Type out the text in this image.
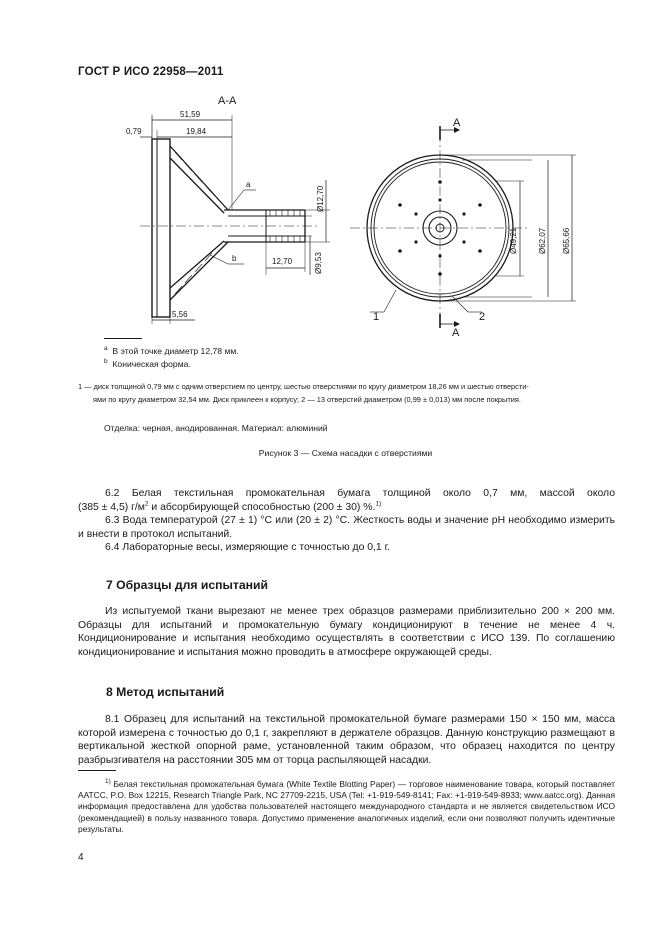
ГОСТ Р ИСО 22958—2011
А-А
51,59
19,84
0,79
Ø12,70
12,70	Ø9,53
5,56
Ø49,21	Ø62,07 Ø65,66
a
b
1	2
А
А
$^a$ В этой точке диаметр 12,78 мм.
$^b$ Коническая форма.
1 — диск толщиной 0,79 мм с одним отверстием по центру, шестью отверстиями по кругу диаметром 18,26 мм и шестью отверсти-
ями по кругу диаметром 32,54 мм. Диск приклеен к корпусу; 2 — 13 отверстий диаметром (0,99 ± 0,013) мм после покрытия.
Отделка: черная, анодированная. Материал: алюминий
Рисунок 3 — Схема насадки с отверстиями
6.2 Белая текстильная промокательная бумага толщиной около 0,7 мм, массой около
(385 ± 4,5) $г/м^2$ и абсорбирующей способностью (200 ± 30) %.$^{1)}$
6.3 Вода температурой (27 ± 1) °С или (20 ± 2) °С. Жесткость воды и значение pH необходимо измерить и внести в протокол испытаний.
6.4 Лабораторные весы, измеряющие с точностью до 0,1 г.
7 Образцы для испытаний
Из испытуемой ткани вырезают не менее трех образцов размерами приблизительно 200 × 200 мм. Образцы для испытаний и промокательную бумагу кондиционируют в течение не менее 4 ч. Кондиционирование и испытания необходимо осуществлять в соответствии с ИСО 139. По соглашению кондиционирование и испытания можно проводить в атмосфере окружающей среды.
8 Метод испытаний
8.1 Образец для испытаний на текстильной промокательной бумаге размерами 150 × 150 мм, масса которой измерена с точностью до 0,1 г, закрепляют в держателе образцов. Данную конструкцию размещают в вертикальной жесткой опорной раме, установленной таким образом, что образец находится по центру разбрызгивателя на расстоянии 305 мм от торца распыляющей насадки.
$^{1)}$ Белая текстильная промокательная бумага (White Textile Blotting Paper) — торговое наименование товара, который поставляет AATCC, P.O. Box 12215, Research Triangle Park, NC 27709-2215, USA (Tel: +1-919-549-8141; Fax: +1-919-549-8933; www.aatcc.org). Данная информация предоставлена для удобства пользователей настоящего международного стандарта и не является свидетельством ИСО (рекомендацией) в пользу названного товара. Допустимо применение аналогичных изделий, если они позволяют получить идентичные результаты.
4
